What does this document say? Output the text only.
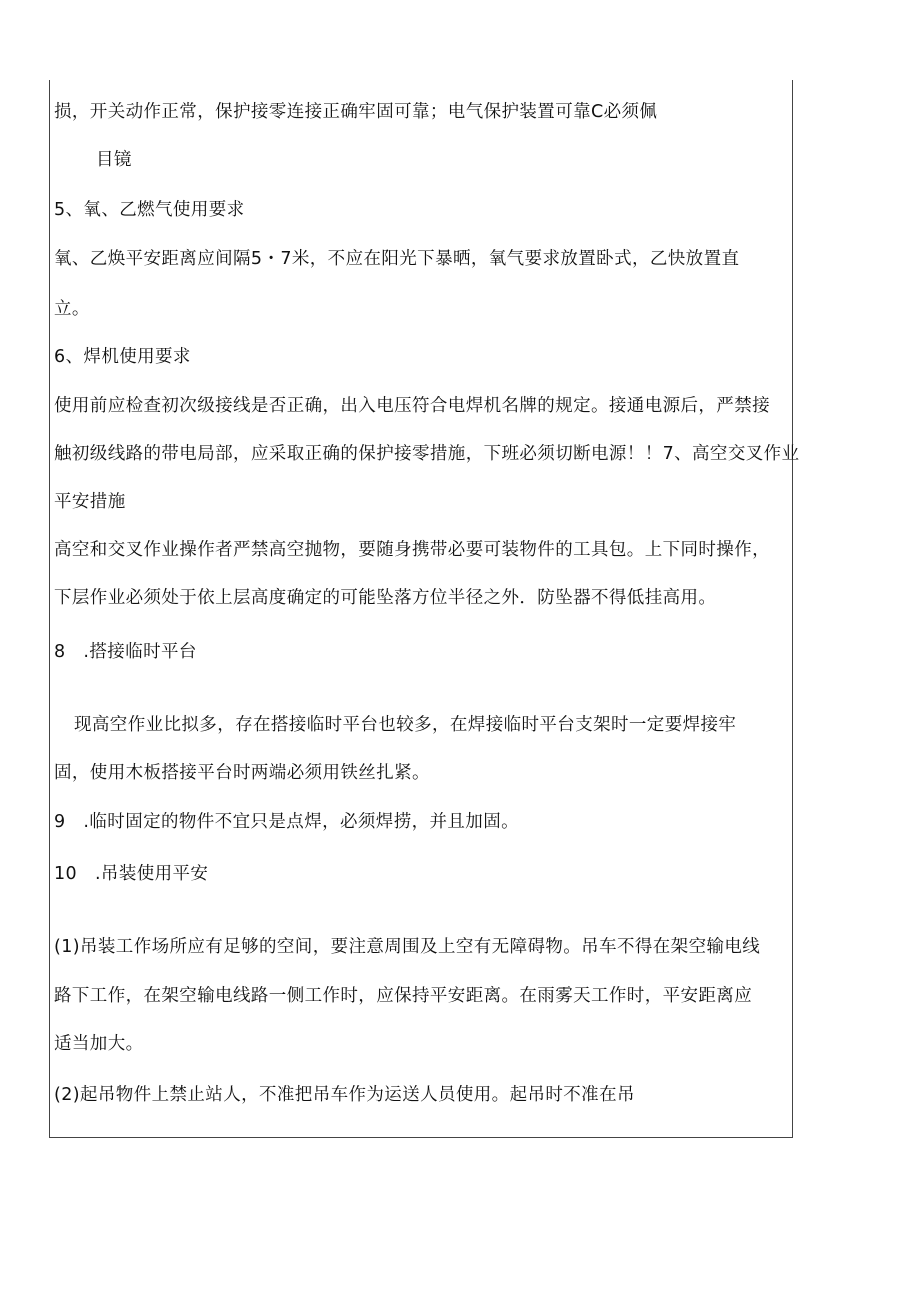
损，开关动作正常，保护接零连接正确牢固可靠；电气保护装置可靠C必须佩
目镜
5、氧、乙燃气使用要求
氧、乙焕平安距离应间隔5・7米，不应在阳光下暴晒，氧气要求放置卧式，乙快放置直
立。
6、焊机使用要求
使用前应检查初次级接线是否正确，出入电压符合电焊机名牌的规定。接通电源后，严禁接
触初级线路的带电局部，应采取正确的保护接零措施，下班必须切断电源！！7、高空交叉作业
平安措施
高空和交叉作业操作者严禁高空抛物，要随身携带必要可装物件的工具包。上下同时操作，
下层作业必须处于依上层高度确定的可能坠落方位半径之外．防坠器不得低挂高用。
8　.搭接临时平台
现高空作业比拟多，存在搭接临时平台也较多，在焊接临时平台支架时一定要焊接牢
固，使用木板搭接平台时两端必须用铁丝扎紧。
9　.临时固定的物件不宜只是点焊，必须焊捞，并且加固。
10　.吊装使用平安
(1)吊装工作场所应有足够的空间，要注意周围及上空有无障碍物。吊车不得在架空输电线
路下工作，在架空输电线路一侧工作时，应保持平安距离。在雨雾天工作时，平安距离应
适当加大。
(2)起吊物件上禁止站人，不准把吊车作为运送人员使用。起吊时不准在吊
